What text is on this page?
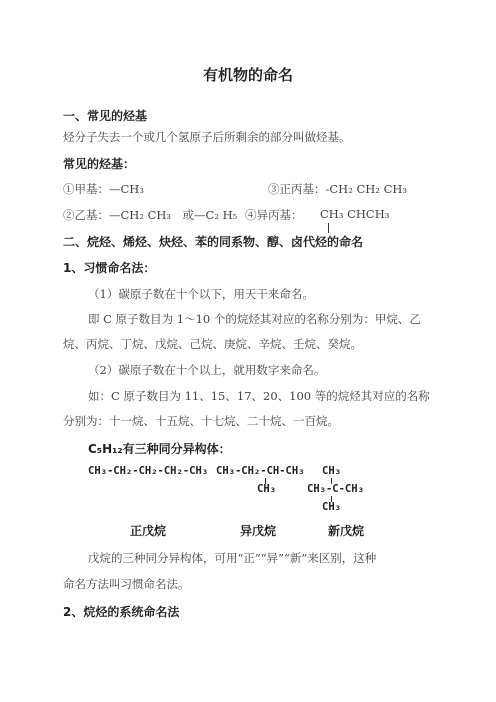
有机物的命名
一、常见的烃基
烃分子失去一个或几个氢原子后所剩余的部分叫做烃基。
常见的烃基：
①甲基：—CH₃	③正丙基：-CH₂ CH₂ CH₃
②乙基：—CH₂ CH₃　或—C₂ H₅ ④异丙基： CH₃ CHCH₃
二、烷烃、烯烃、炔烃、苯的同系物、醇、卤代烃的命名
1、习惯命名法：
（1）碳原子数在十个以下，用天干来命名。
即 C 原子数目为 1～10 个的烷烃其对应的名称分别为：甲烷、乙
烷、丙烷、丁烷、戊烷、己烷、庚烷、辛烷、壬烷、癸烷。
（2）碳原子数在十个以上，就用数字来命名。
如：C 原子数目为 11、15、17、20、100 等的烷烃其对应的名称
分别为：十一烷、十五烷、十七烷、二十烷、一百烷。
C₅H₁₂有三种同分异构体：
CH₃-CH₂-CH₂-CH₂-CH₃ CH₃-CH₂-CH-CH₃
CH₃
CH₃
CH₃-C-CH₃
CH₃
正戊烷	异戊烷	新戊烷
戊烷的三种同分异构体，可用“正”“异”“新”来区别，这种
命名方法叫习惯命名法。
2、烷烃的系统命名法
